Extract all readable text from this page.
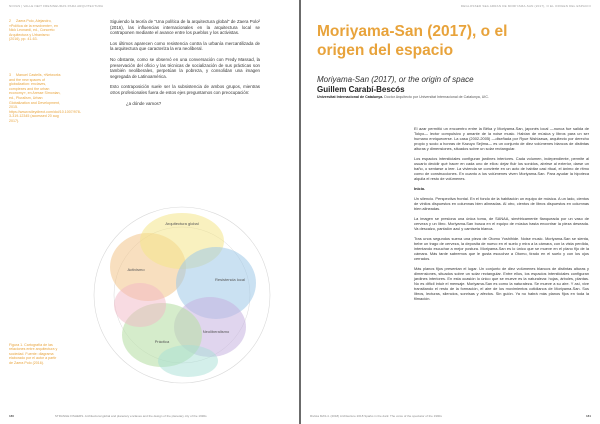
NOVAS | VALLE NEIT FRESINEURAS PARA ARQUITECTURA
2 Zaera Polo, Alejandro, «Política de la envolvente», en Nick Leonardi, ed., Concreto Arquitectura y Urbanismo (2016), pp. 41-63.
3 Manuel Castells, «Networks and the new spaces of globalization: enclaves, complexes and the urban economy», en Aresse Simonian, ed., Pluralism, Urban Globalization and Development, 2015. https://www.wileydirect.com/doi/10.1007/978-3-319-12345 (accessed 20 aug 2017).

Siguiendo la teoría de "Una política de la arquitectura global" de Zaera Polo² (2016), las influencias internacionales en la arquitectura local se contraponen mediante el avance entre los pueblos y los activistas.

Los últimos aparecen como resistencia contra la urbanía mercantilizada de la arquitectura que caracteriza la era neoliberal.

No obstante, como se observó en una conversación con Fredy Massad, la preservación del oficio y las técnicas de socialización de sus prácticas son también neoliberales, perpetúan la pobreza, y consolidan una imagen segregada de Latinoamérica.

Esto contraposición suele ser la subsistencia de ambos grupos, mientras otros profesionales fuera de estos ejes preguntamos con preocupación:

¿a dónde vamos?

Arquitectura global
Resistencia local
Activismo
Neoliberalismo
Práctica
Figura 1. Cartografía de las relaciones entre arquitectura y sociedad. Fuente: diagrama elaborado por el autor a partir de Zaera Polo (2016).
180	STRANGE FISHERS. Architectural global and planetary enclaves and the design of the planetary city of the 1990s
DEGLOSSED SEA ARRAN DE MORIYAMA-SAN (2017), O EL ORIGEN DEL ESPACIO
Moriyama-San (2017), o el origen del espacio
Moriyama-San (2017), or the origin of space
Guillem Carabí-Bescós
Universitat Internacional de Catalunya. Doctor Arquitecto por Universitat Internacional de Catalunya, UIC.

El azar permitió un encuentro entre la Bêka y Moriyama-San, japonés local —nunca fue salida de Tokyo— lector compulsivo y amante de la noise music. Habían de música y libros para un ser humano enriquecerse. La casa (2002-2005) —diseñada por Ryue Nishizawa, arquitecto por derecho propio y socio a honras de Kazuyo Sejima— es un conjunto de diez volúmenes blancos de distintas alturas y dimensiones, situados sobre un solar rectangular.

Los espacios intersticiales configuran jardines interiores. Cada volumen, independiente, permite al usuario decidir qué hacer en cada uno de ellos: dejar fluir los sonidos, abrirse al exterior, darse un baño, o sentarse a leer. La vivienda se convierte en un acto de habitar casi ritual, el ánimo de ritmo como de construcciones. En cuanto a los volúmenes viven Moriyama-San. Para ayudar la hipoteca alquila el resto de volúmenes.

Inicio.

Un silencio. Perspectiva frontal. En el fondo de la habitación un equipo de música. A un lado, cientos de vinilos dispuestos en columnas bien alineadas. Al otro, cientos de libros dispuestos en columnas bien alineadas.

La imagen se presiona una única toma, de SANAA, simétricamente flanqueada por un vaso de cerveza y un libro. Moriyama-San busca en el equipo de música hasta encontrar la pieza deseada. Va descalzo, pantalón azul y camiseta blanca.

Tras unos segundos suena una pieza de Otomo Yoshihide. Noise music. Moriyama-San se sienta, bebe un trago de cerveza, la deposita de nuevo en el suelo y mira a la cámara, con la vista perdida, intentando escuchar a mejor postura. Moriyama-San es lo único que se mueve en el plano fijo de la cámara. Más tarde sabremos que le gusta escuchar a Otomo, tirado en el suelo y con los ojos cerrados.

Más planos fijos presentan el lugar. Un conjunto de diez volúmenes blancos de distintas alturas y dimensiones, situados sobre un solar rectangular. Entre ellos, los espacios intersticiales configuran jardines interiores. En esta ocasión lo único que se mueve es la naturaleza: hojas, árboles, plantas. No es difícil intuir el mensaje. Moriyama-San es como la naturaleza. Se mueve a su aire. Y así, vive transitando el resto de la formación, el aire de los movimientos cotidianos de Moriyama-San. Sus libros, lecturas, silencios, sonrisas y afectos. Sin guión. Ya no habrá más planos fijos en toda la filmación.

Rivista MAS.4. (2018) Architecture 2018 Sparks in the dark: The voice of the spectator of the 1990s	181
